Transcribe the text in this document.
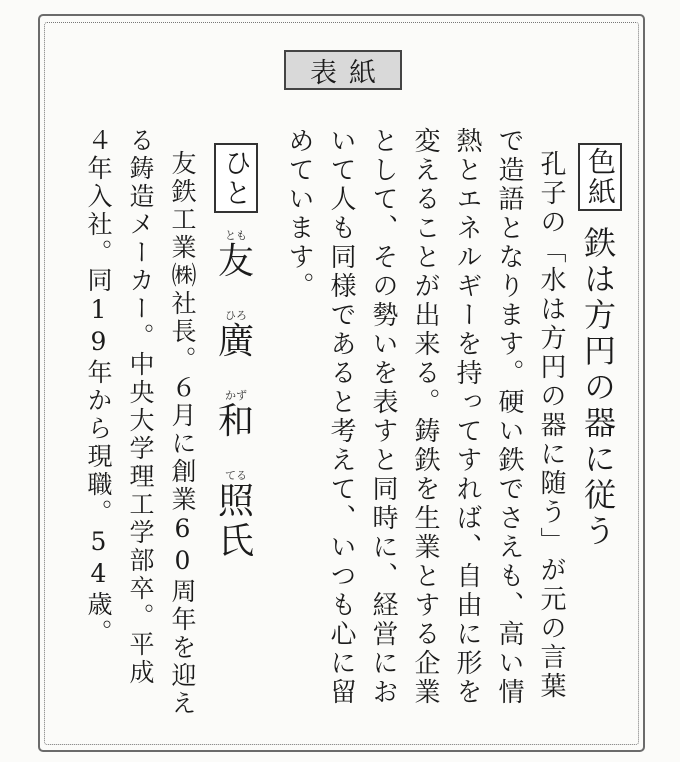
表紙
色紙
鉄は方円の器に従う
孔子の「水は方円の器に随う」が元の言葉
で造語となります。硬い鉄でさえも、高い情
熱とエネルギーを持ってすれば、自由に形を
変えることが出来る。鋳鉄を生業とする企業
として、その勢いを表すと同時に、経営にお
いて人も同様であると考えて、いつも心に留
めています。
ひと
とも
友
ひろ
廣
かず
和
てる
照
氏
友鉄工業㈱社長。６月に創業60周年を迎え
る鋳造メーカー。中央大学理工学部卒。平成
４年入社。同19年から現職。54歳。
